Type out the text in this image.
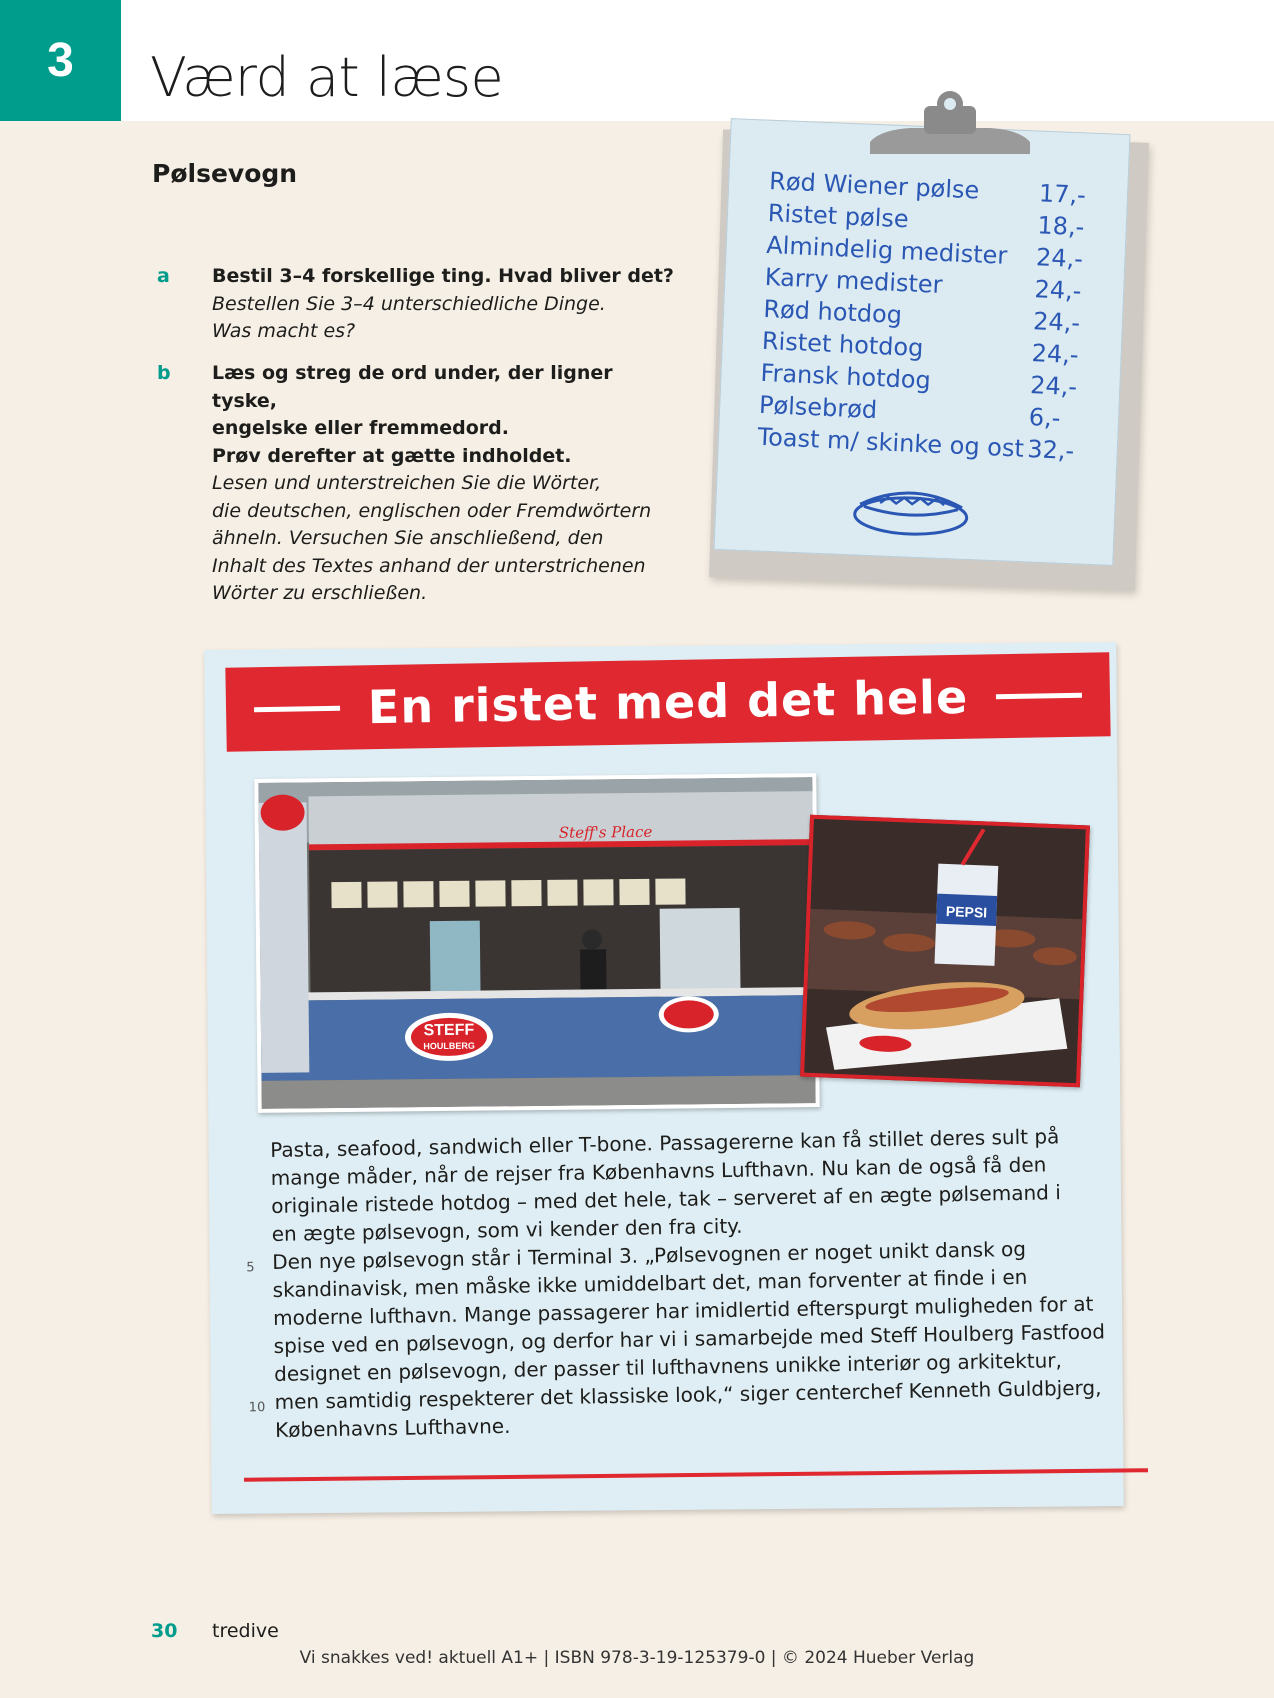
3 Værd at læse
Pølsevogn
a Bestil 3–4 forskellige ting. Hvad bliver det?
Bestellen Sie 3–4 unterschiedliche Dinge.
Was macht es?
b Læs og streg de ord under, der ligner tyske,
engelske eller fremmedord.
Prøv derefter at gætte indholdet.
Lesen und unterstreichen Sie die Wörter,
die deutschen, englischen oder Fremdwörtern
ähneln. Versuchen Sie anschließend, den
Inhalt des Textes anhand der unterstrichenen
Wörter zu erschließen.
Rød Wiener pølse 17,-
Ristet pølse	18,-
Almindelig medister 24,-
Karry medister	24,-
Rød hotdog	24,-
Ristet hotdog	24,-
Fransk hotdog	24,-
Pølsebrød	6,-
Toast m/ skinke og ost 32,-
En ristet med det hele
Steff's Place
STEFF
HOULBERG
PEPSI
Pasta, seafood, sandwich eller T-bone. Passagererne kan få stillet deres sult på
mange måder, når de rejser fra Københavns Lufthavn. Nu kan de også få den
originale ristede hotdog – med det hele, tak – serveret af en ægte pølsemand i
en ægte pølsevogn, som vi kender den fra city.
5 Den nye pølsevogn står i Terminal 3. „Pølsevognen er noget unikt dansk og
skandinavisk, men måske ikke umiddelbart det, man forventer at finde i en
moderne lufthavn. Mange passagerer har imidlertid efterspurgt muligheden for at
spise ved en pølsevogn, og derfor har vi i samarbejde med Steff Houlberg Fastfood
designet en pølsevogn, der passer til lufthavnens unikke interiør og arkitektur,
10 men samtidig respekterer det klassiske look,“ siger centerchef Kenneth Guldbjerg,
Københavns Lufthavne.
30 tredive
Vi snakkes ved! aktuell A1+ | ISBN 978-3-19-125379-0 | © 2024 Hueber Verlag
